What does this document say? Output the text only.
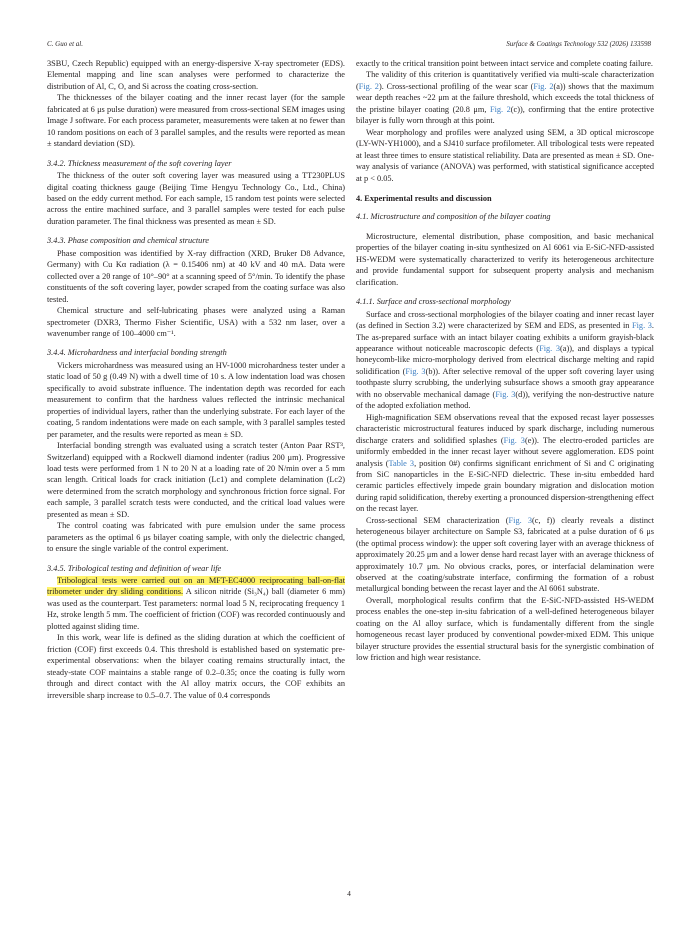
C. Guo et al.	Surface & Coatings Technology 532 (2026) 133598

3SBU, Czech Republic) equipped with an energy-dispersive X-ray spectrometer (EDS). Elemental mapping and line scan analyses were performed to characterize the distribution of Al, C, O, and Si across the coating cross-section.

The thicknesses of the bilayer coating and the inner recast layer (for the sample fabricated at 6 μs pulse duration) were measured from cross-sectional SEM images using Image J software. For each process parameter, measurements were taken at no fewer than 10 random positions on each of 3 parallel samples, and the results were reported as mean ± standard deviation (SD).

3.4.2. Thickness measurement of the soft covering layer

The thickness of the outer soft covering layer was measured using a TT230PLUS digital coating thickness gauge (Beijing Time Hengyu Technology Co., Ltd., China) based on the eddy current method. For each sample, 15 random test points were selected across the entire machined surface, and 3 parallel samples were tested for each pulse duration parameter. The final thickness was presented as mean ± SD.

3.4.3. Phase composition and chemical structure

Phase composition was identified by X-ray diffraction (XRD, Bruker D8 Advance, Germany) with Cu Kα radiation (λ = 0.15406 nm) at 40 kV and 40 mA. Data were collected over a 2θ range of 10°–90° at a scanning speed of 5°/min. To identify the phase constituents of the soft covering layer, powder scraped from the coating surface was also tested.

Chemical structure and self-lubricating phases were analyzed using a Raman spectrometer (DXR3, Thermo Fisher Scientific, USA) with a 532 nm laser, over a wavenumber range of 100–4000 cm⁻¹.

3.4.4. Microhardness and interfacial bonding strength

Vickers microhardness was measured using an HV-1000 microhardness tester under a static load of 50 g (0.49 N) with a dwell time of 10 s. A low indentation load was chosen specifically to avoid substrate influence. The indentation depth was recorded for each measurement to confirm that the hardness values reflected the intrinsic mechanical properties of individual layers, rather than the underlying substrate. For each layer of the coating, 5 random indentations were made on each sample, with 3 parallel samples tested per parameter, and the results were reported as mean ± SD.

Interfacial bonding strength was evaluated using a scratch tester (Anton Paar RST³, Switzerland) equipped with a Rockwell diamond indenter (radius 200 μm). Progressive load tests were performed from 1 N to 20 N at a loading rate of 20 N/min over a 5 mm scan length. Critical loads for crack initiation (Lc1) and complete delamination (Lc2) were determined from the scratch morphology and synchronous friction force signal. For each sample, 3 parallel scratch tests were conducted, and the critical load values were presented as mean ± SD.

The control coating was fabricated with pure emulsion under the same process parameters as the optimal 6 μs bilayer coating sample, with only the dielectric changed, to ensure the single variable of the control experiment.

3.4.5. Tribological testing and definition of wear life

Tribological tests were carried out on an MFT-EC4000 reciprocating ball-on-flat tribometer under dry sliding conditions. A silicon nitride (Si₃N₄) ball (diameter 6 mm) was used as the counterpart. Test parameters: normal load 5 N, reciprocating frequency 1 Hz, stroke length 5 mm. The coefficient of friction (COF) was recorded continuously and plotted against sliding time.

In this work, wear life is defined as the sliding duration at which the coefficient of friction (COF) first exceeds 0.4. This threshold is established based on systematic pre-experimental observations: when the bilayer coating remains structurally intact, the steady-state COF maintains a stable range of 0.2–0.35; once the coating is fully worn through and direct contact with the Al alloy matrix occurs, the COF exhibits an irreversible sharp increase to 0.5–0.7. The value of 0.4 corresponds

exactly to the critical transition point between intact service and complete coating failure.

The validity of this criterion is quantitatively verified via multi-scale characterization (Fig. 2). Cross-sectional profiling of the wear scar (Fig. 2(a)) shows that the maximum wear depth reaches ~22 μm at the failure threshold, which exceeds the total thickness of the pristine bilayer coating (20.8 μm, Fig. 2(c)), confirming that the entire protective bilayer is fully worn through at this point.

Wear morphology and profiles were analyzed using SEM, a 3D optical microscope (LY-WN-YH1000), and a SJ410 surface profilometer. All tribological tests were repeated at least three times to ensure statistical reliability. Data are presented as mean ± SD. One-way analysis of variance (ANOVA) was performed, with statistical significance accepted at p < 0.05.

4. Experimental results and discussion
4.1. Microstructure and composition of the bilayer coating

Microstructure, elemental distribution, phase composition, and basic mechanical properties of the bilayer coating in-situ synthesized on Al 6061 via E-SiC-NFD-assisted HS-WEDM were systematically characterized to verify its heterogeneous architecture and provide fundamental support for subsequent property analysis and mechanism clarification.

4.1.1. Surface and cross-sectional morphology

Surface and cross-sectional morphologies of the bilayer coating and inner recast layer (as defined in Section 3.2) were characterized by SEM and EDS, as presented in Fig. 3. The as-prepared surface with an intact bilayer coating exhibits a uniform grayish-black appearance without noticeable macroscopic defects (Fig. 3(a)), and displays a typical honeycomb-like micro-morphology derived from electrical discharge melting and rapid solidification (Fig. 3(b)). After selective removal of the upper soft covering layer using toothpaste slurry scrubbing, the underlying subsurface shows a smooth gray appearance with no observable mechanical damage (Fig. 3(d)), verifying the non-destructive nature of the adopted exfoliation method.

High-magnification SEM observations reveal that the exposed recast layer possesses characteristic microstructural features induced by spark discharge, including numerous discharge craters and solidified splashes (Fig. 3(e)). The electro-eroded particles are uniformly embedded in the inner recast layer without severe agglomeration. EDS point analysis (Table 3, position 0#) confirms significant enrichment of Si and C originating from SiC nanoparticles in the E-SiC-NFD dielectric. These in-situ embedded hard ceramic particles effectively impede grain boundary migration and dislocation motion during rapid solidification, thereby exerting a pronounced dispersion-strengthening effect on the recast layer.

Cross-sectional SEM characterization (Fig. 3(c, f)) clearly reveals a distinct heterogeneous bilayer architecture on Sample S3, fabricated at a pulse duration of 6 μs (the optimal process window): the upper soft covering layer with an average thickness of approximately 20.25 μm and a lower dense hard recast layer with an average thickness of approximately 10.7 μm. No obvious cracks, pores, or interfacial delamination were observed at the coating/substrate interface, confirming the formation of a robust metallurgical bonding between the recast layer and the Al 6061 substrate.

Overall, morphological results confirm that the E-SiC-NFD-assisted HS-WEDM process enables the one-step in-situ fabrication of a well-defined heterogeneous bilayer coating on the Al alloy surface, which is fundamentally different from the single homogeneous recast layer produced by conventional powder-mixed EDM. This unique bilayer structure provides the essential structural basis for the synergistic combination of low friction and high wear resistance.

4
